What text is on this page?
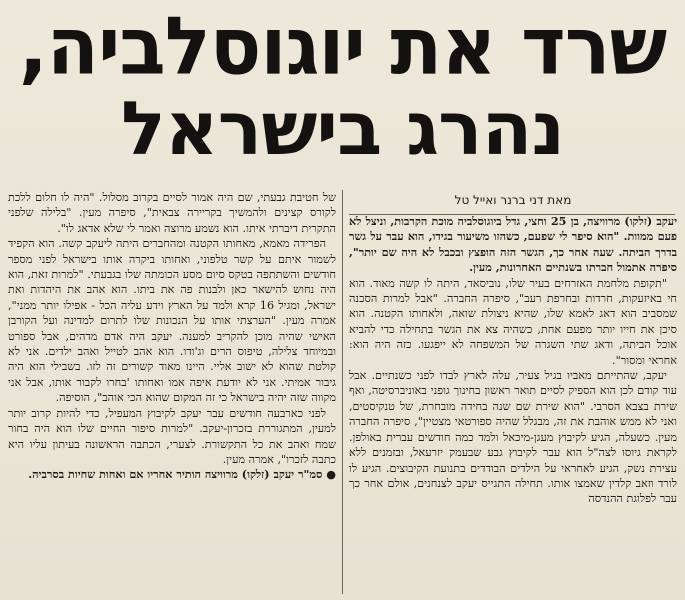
שרד את יוגוסלביה,
נהרג בישראל
מאת דני ברנר ואייל טל

יעקב (זלקו) מרוויצה, בן 25 וחצי, גדל ביוגוסלביה מוכת הקרבות, וניצל לא פעם ממוות. "הוא סיפר לי שפעם, כשהזו משיעור בגידו, הוא עבר על גשר בדרך הביתה. שעה אחר כך, הגשר הזה הופצץ ובכבל לא היה שם יותר", סיפרה אתמול חברתו בשנתיים האחרונות, מעין.

"תקופת מלחמת האזרחים בעיר שלו, נוביסאד, היתה לו קשה מאוד. הוא חי באיזעקות, חרדות ובחרפת רעב", סיפרה החברה. "אבל למרות הסכנה שמסביב הוא דאג לאמא שלו, שהיא ניצולת שואה, ולאחותו הקטנה. הוא סיכן את חייו יותר מפעם אחת, כשהיה צא את הגשר בתחילה כדי להביא אוכל הביתה, ודאג שתי השגרה של המשפחה לא ייפגעו. כזה היה הוא: אחראי ומסור".

יעקב, שהתייתם מאביו בגיל צעיר, עלה לארץ לבדו לפני כשנתיים. אבל עוד קודם לכן הוא הספיק לסיים תואר ראשון בחינוך גופני באוניברסיטה, ואף שירת בצבא הסרבי. "הוא שירת שם שנה בחידה מובחרת, של טנקיסטים, ואני לא ממש אוהבת את זה, מבגלל שהיה ספורטאי מצטיין", סיפרה החברה מעין. כשעלה, הגיע לקיבוץ מעגן-מיכאל ולמד כמה חודשים עברית באולפן. לקראת גיוסו לצה"ל הוא עבר לקיבוץ גבע שבעמק יזרעאל, ובזמנים ללא עצירת נשק, הגיע לאחראי על הילדים הבודדים בתנועת הקיבוצים. הגיע לו לורד וזאב קלדין שאמצו אותו. תחילה התגייס יעקב לצנחנים, אולם אחר כך עבר לפלוגת ההנדסה

של חטיבת גבעתי, שם היה אמור לסיים בקרוב מסלול. "היה לו חלום ללכת לקורס קצינים ולהמשיך בקריירה צבאית", סיפרה מעין. "בלילה שלפני התקרית דיברתי איתו. הוא נשמע מרוצה ואמר לי שלא אדאג לו".

הפרידה מאמא, מאחותו הקטנה ומהחברים היתה ליעקב קשה. הוא הקפיד לשמור איתם על קשר טלפוני, ואחותו ביקרה אותו בישראל לפני מספר חודשים והשתתפה בטקס סיום מסע הכומתה שלו בגבעתי. "למרות זאת, הוא היה נחוש להישאר כאן ולבנות פה את ביתו. הוא אהב את היהדות ואת ישראל, ומגיל 16 קרא ולמד על הארץ וידע עליה הכל - אפילו יותר ממני", אמרה מעין. "הערצתי אותו על הנכונות שלו לתרום למדינה ועל הקורבן האישי שהיה מוכן להקריב למענה. יעקב היה אדם מדהים, אבל ספורט ובמיוחד צלילה, טיפוס הרים וג'ודו. הוא אהב לטייל ואהב ילדים. אני לא קולטת שהוא לא ישוב אליי. היינו מאוד קשורים זה לזו. בשבילי הוא היה גיבור אמיתי. אני לא יודעת איפה אמו ואחותו 'בחרו לקבור אותו, אבל אני מקווה שזה יהיה בישראל כי זה המקום שהוא הכי אוהב", הוסיפה.

לפני כארבעה חודשים עבר יעקב לקיבוץ המעפיל, כדי להיות קרוב יותר למעין, המתגוררת בזכרון-יעקב. "למרות סיפור החיים שלו הוא היה בחור שמח ואהב את כל התקשורת. לצערי, הכתבה הראשונה בעיתון עליו היא כתבה לזכרו", אמרה מעין.

● סמ"ר יעקב (זלקו) מרוויצה הותיר אחריו אם ואחות שחיות בסרביה.
